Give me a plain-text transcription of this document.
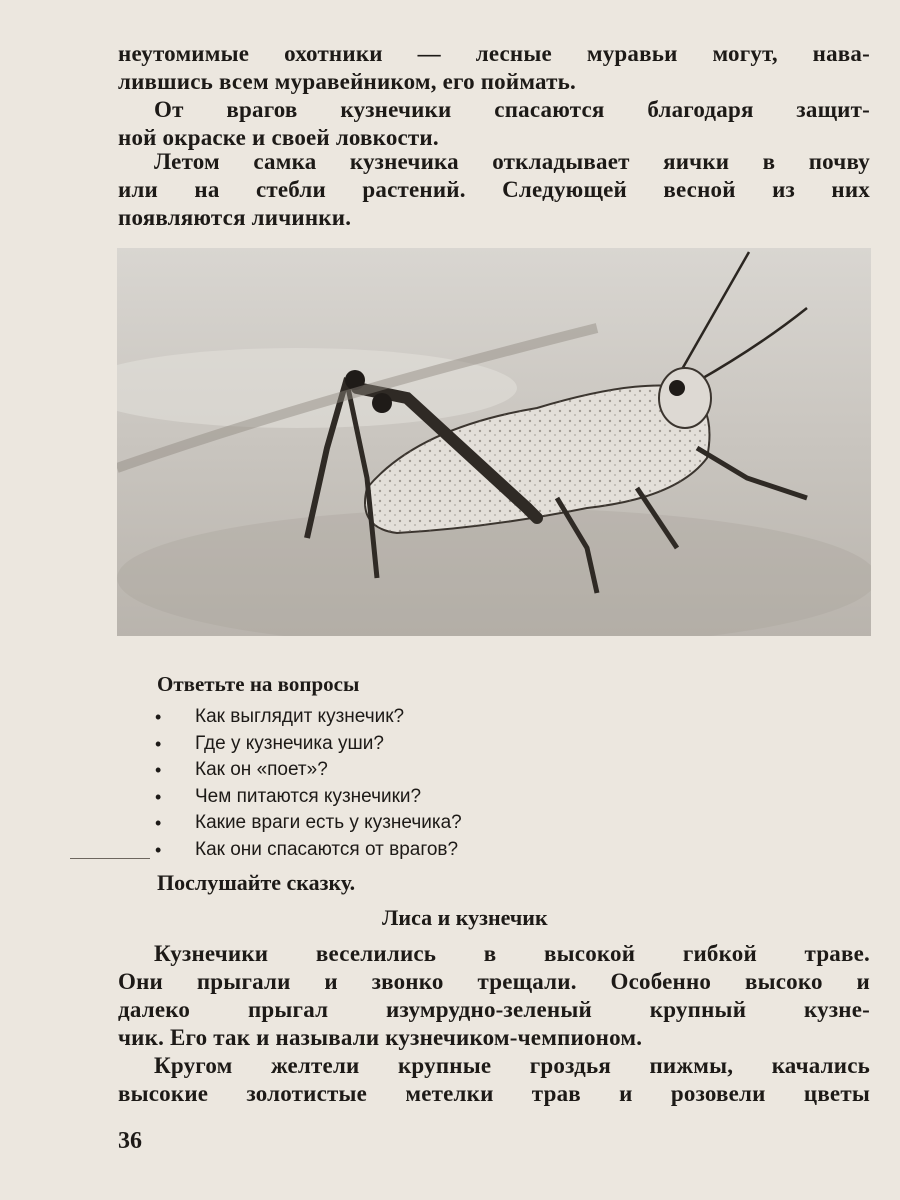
неутомимые охотники — лесные муравьи могут, нава-
лившись всем муравейником, его поймать.

От врагов кузнечики спасаются благодаря защит-
ной окраске и своей ловкости.

Летом самка кузнечика откладывает яички в почву
или на стебли растений. Следующей весной из них
появляются личинки.

Ответьте на вопросы

• Как выглядит кузнечик?
• Где у кузнечика уши?
• Как он «поет»?
• Чем питаются кузнечики?
• Какие враги есть у кузнечика?
• Как они спасаются от врагов?

Послушайте сказку.

Лиса и кузнечик

Кузнечики веселились в высокой гибкой траве.
Они прыгали и звонко трещали. Особенно высоко и
далеко прыгал изумрудно-зеленый крупный кузне-
чик. Его так и называли кузнечиком-чемпионом.

Кругом желтели крупные гроздья пижмы, качались
высокие золотистые метелки трав и розовели цветы

36
